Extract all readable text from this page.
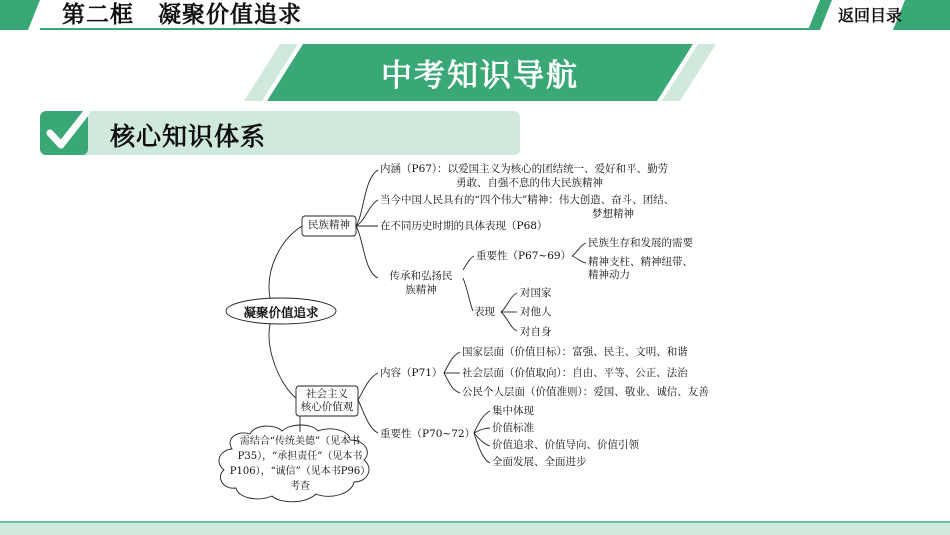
第二框　凝聚价值追求	返回目录
中考知识导航
核心知识体系
凝聚价值追求
民族精神
内涵（P67）：以爱国主义为核心的团结统一、爱好和平、勤劳
勇敢、自强不息的伟大民族精神
当今中国人民具有的“四个伟大”精神：伟大创造、奋斗、团结、
梦想精神
在不同历史时期的具体表现（P68）
传承和弘扬民
族精神
重要性（P67~69）
民族生存和发展的需要
精神支柱、精神纽带、
精神动力
表现
对国家
对他人
对自身
社会主义
核心价值观
内容（P71）
国家层面（价值目标）：富强、民主、文明、和谐
社会层面（价值取向）：自由、平等、公正、法治
公民个人层面（价值准则）：爱国、敬业、诚信、友善
重要性（P70~72）
集中体现
价值标准
价值追求、价值导向、价值引领
全面发展、全面进步
需结合“传统美德”（见本书P35），“承担责任”（见本书P106），“诚信”（见本书P96）考查
